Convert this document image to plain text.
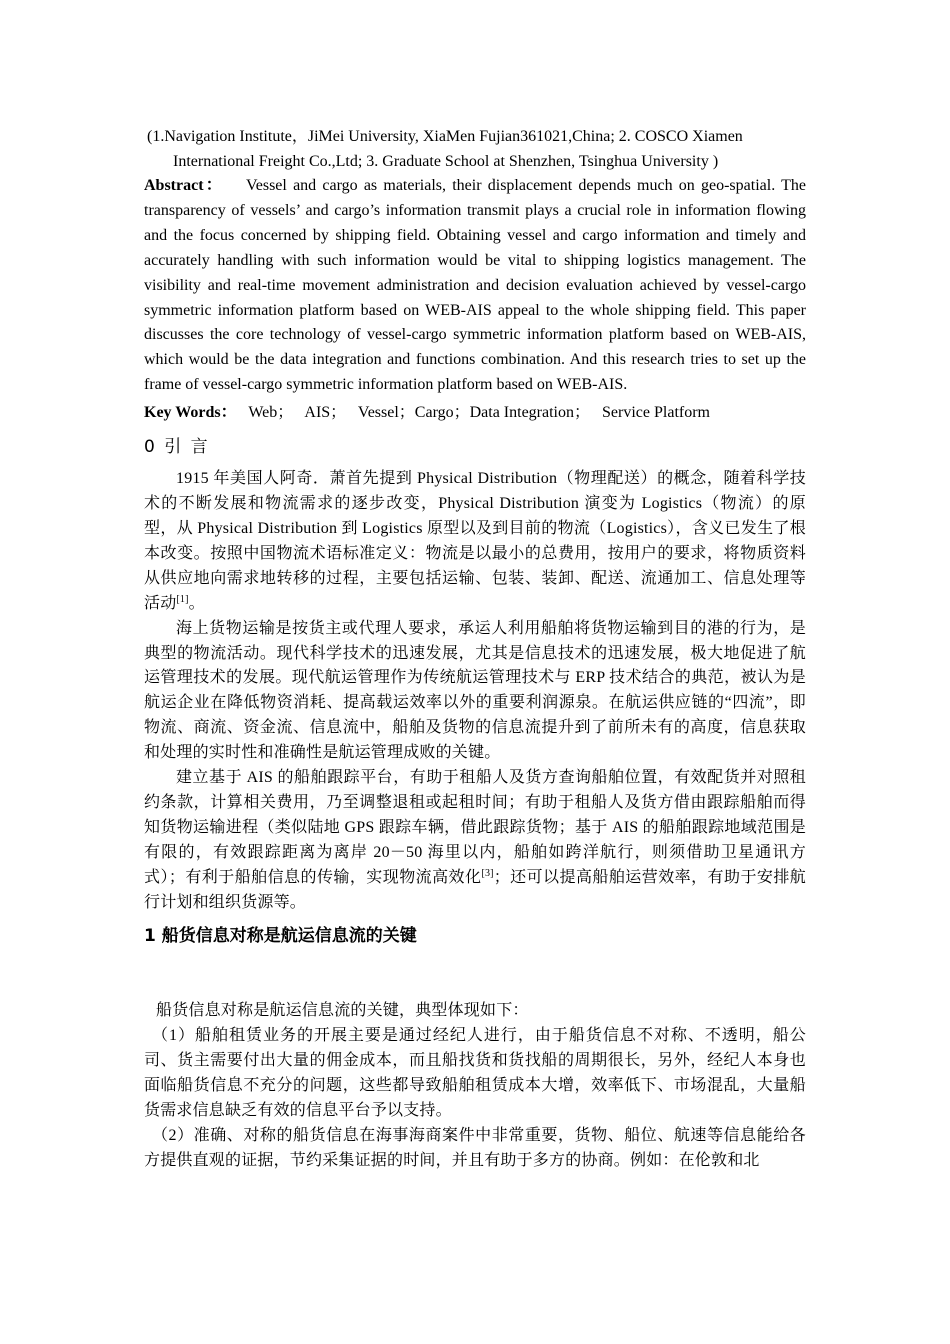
(1.Navigation Institute，JiMei University, XiaMen Fujian361021,China; 2. COSCO Xiamen
International Freight Co.,Ltd; 3. Graduate School at Shenzhen, Tsinghua University )

Abstract： Vessel and cargo as materials, their displacement depends much on geo-spatial. The transparency of vessels’ and cargo’s information transmit plays a crucial role in information flowing and the focus concerned by shipping field. Obtaining vessel and cargo information and timely and accurately handling with such information would be vital to shipping logistics management. The visibility and real-time movement administration and decision evaluation achieved by vessel-cargo symmetric information platform based on WEB-AIS appeal to the whole shipping field. This paper discusses the core technology of vessel-cargo symmetric information platform based on WEB-AIS, which would be the data integration and functions combination. And this research tries to set up the frame of vessel-cargo symmetric information platform based on WEB-AIS.

Key Words： Web； AIS； Vessel；Cargo；Data Integration； Service Platform

0 引 言

1915 年美国人阿奇．萧首先提到 Physical Distribution（物理配送）的概念，随着科学技术的不断发展和物流需求的逐步改变，Physical Distribution 演变为 Logistics（物流）的原型，从 Physical Distribution 到 Logistics 原型以及到目前的物流（Logistics），含义已发生了根本改变。按照中国物流术语标准定义：物流是以最小的总费用，按用户的要求，将物质资料从供应地向需求地转移的过程，主要包括运输、包装、装卸、配送、流通加工、信息处理等活动[1]。

海上货物运输是按货主或代理人要求，承运人利用船舶将货物运输到目的港的行为，是典型的物流活动。现代科学技术的迅速发展，尤其是信息技术的迅速发展，极大地促进了航运管理技术的发展。现代航运管理作为传统航运管理技术与 ERP 技术结合的典范，被认为是航运企业在降低物资消耗、提高载运效率以外的重要利润源泉。在航运供应链的“四流”，即物流、商流、资金流、信息流中，船舶及货物的信息流提升到了前所未有的高度，信息获取和处理的实时性和准确性是航运管理成败的关键。

建立基于 AIS 的船舶跟踪平台，有助于租船人及货方查询船舶位置，有效配货并对照租约条款，计算相关费用，乃至调整退租或起租时间；有助于租船人及货方借由跟踪船舶而得知货物运输进程（类似陆地 GPS 跟踪车辆，借此跟踪货物；基于 AIS 的船舶跟踪地域范围是有限的，有效跟踪距离为离岸 20－50 海里以内，船舶如跨洋航行，则须借助卫星通讯方式）；有利于船舶信息的传输，实现物流高效化[3]；还可以提高船舶运营效率，有助于安排航行计划和组织货源等。

1 船货信息对称是航运信息流的关键

船货信息对称是航运信息流的关键，典型体现如下：

（1）船舶租赁业务的开展主要是通过经纪人进行，由于船货信息不对称、不透明，船公司、货主需要付出大量的佣金成本，而且船找货和货找船的周期很长，另外，经纪人本身也面临船货信息不充分的问题，这些都导致船舶租赁成本大增，效率低下、市场混乱，大量船货需求信息缺乏有效的信息平台予以支持。

（2）准确、对称的船货信息在海事海商案件中非常重要，货物、船位、航速等信息能给各方提供直观的证据，节约采集证据的时间，并且有助于多方的协商。例如：在伦敦和北
